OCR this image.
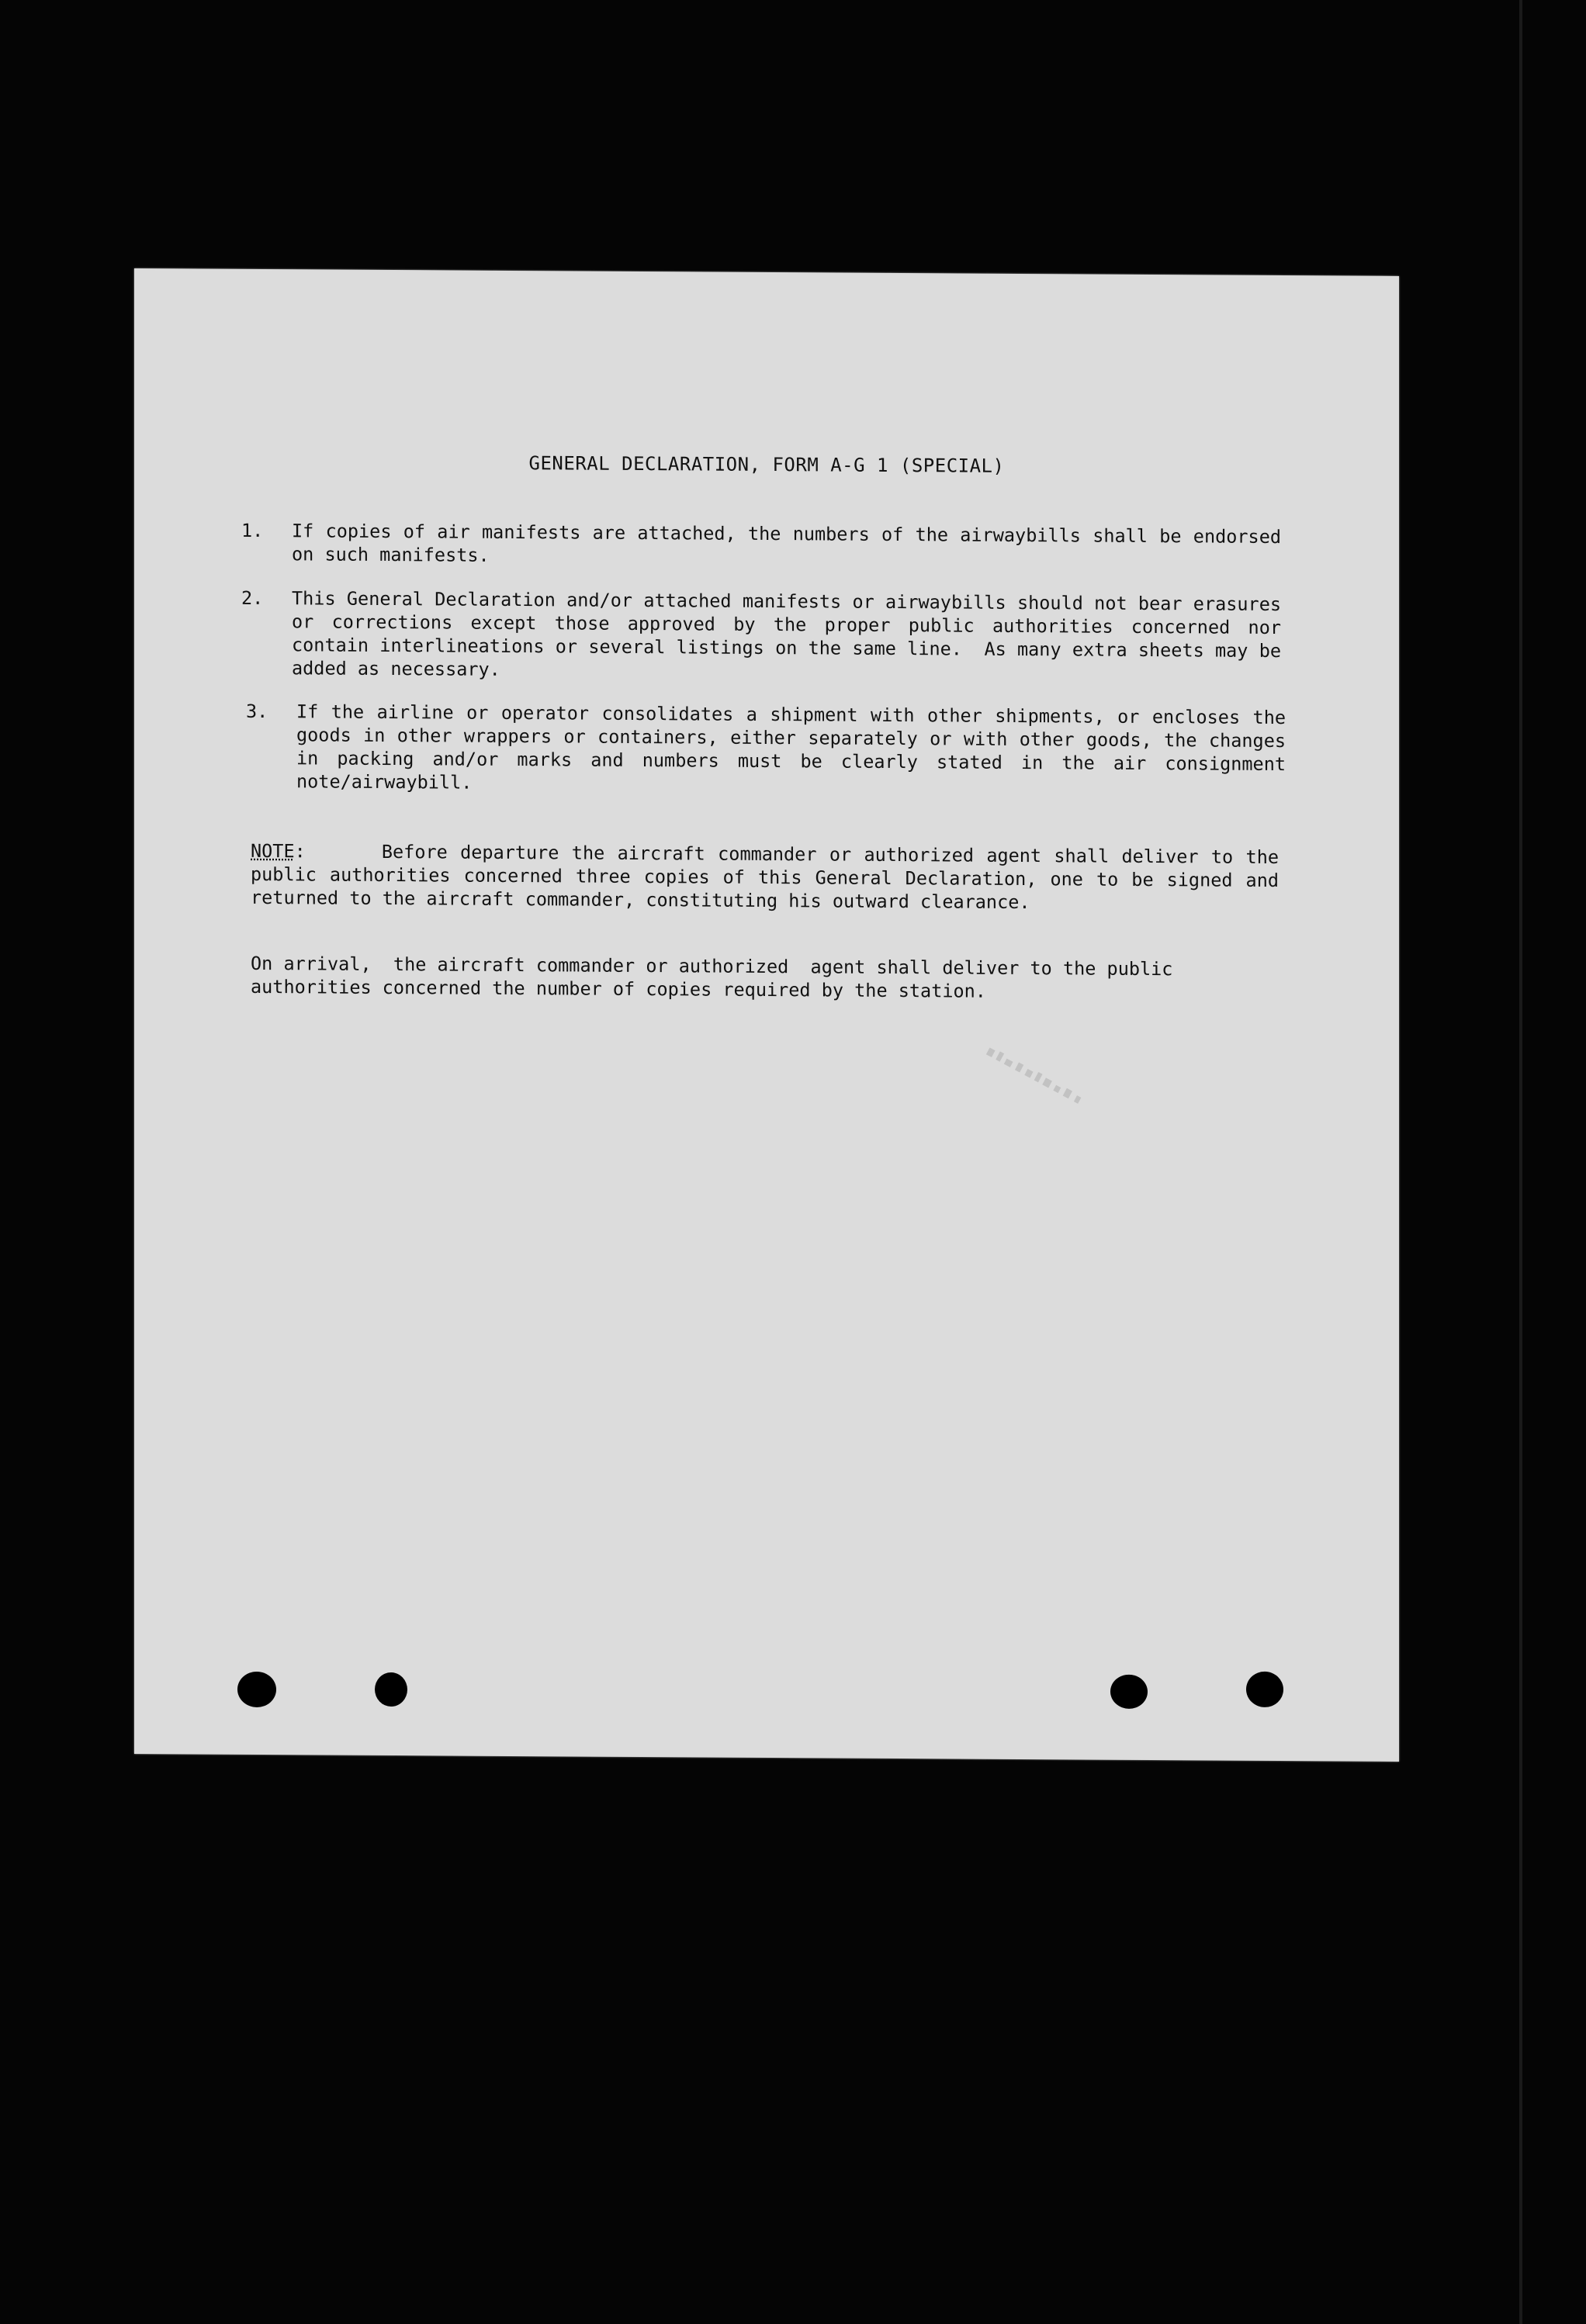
GENERAL DECLARATION, FORM A-G 1 (SPECIAL)
1.	If copies of air manifests are attached, the numbers of the airwaybills shall be endorsed on such manifests.
2.	This General Declaration and/or attached manifests or airwaybills should not bear erasures or corrections except those approved by the proper public authorities concerned nor contain interlineations or several listings on the same line.  As many extra sheets may be added as necessary.
3.	If the airline or operator consolidates a shipment with other shipments, or encloses the goods in other wrappers or containers, either separately or with other goods, the changes in packing and/or marks and numbers must be clearly stated in the air consignment note/airwaybill.
NOTE:      Before departure the aircraft commander or authorized agent shall deliver to the public authorities concerned three copies of this General Declaration, one to be signed and returned to the aircraft commander, constituting his outward clearance.
On arrival,  the aircraft commander or authorized  agent shall deliver to the public authorities concerned the number of copies required by the station.
